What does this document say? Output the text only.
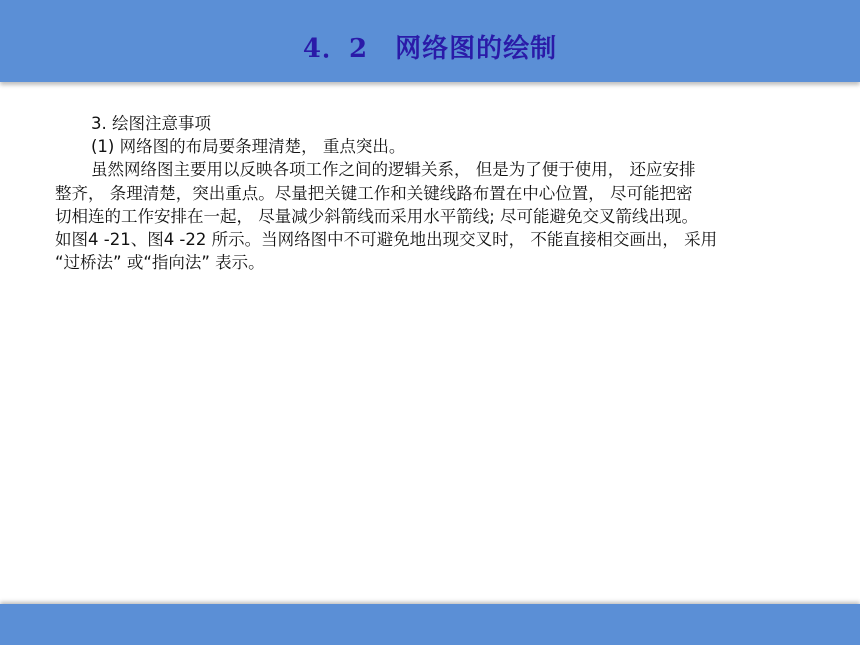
4．2　网络图的绘制
3. 绘图注意事项
(1) 网络图的布局要条理清楚， 重点突出。
虽然网络图主要用以反映各项工作之间的逻辑关系， 但是为了便于使用， 还应安排
整齐， 条理清楚，突出重点。尽量把关键工作和关键线路布置在中心位置， 尽可能把密
切相连的工作安排在一起， 尽量减少斜箭线而采用水平箭线; 尽可能避免交叉箭线出现。
如图4 -21、图4 -22 所示。当网络图中不可避免地出现交叉时， 不能直接相交画出， 采用
“过桥法” 或“指向法” 表示。
